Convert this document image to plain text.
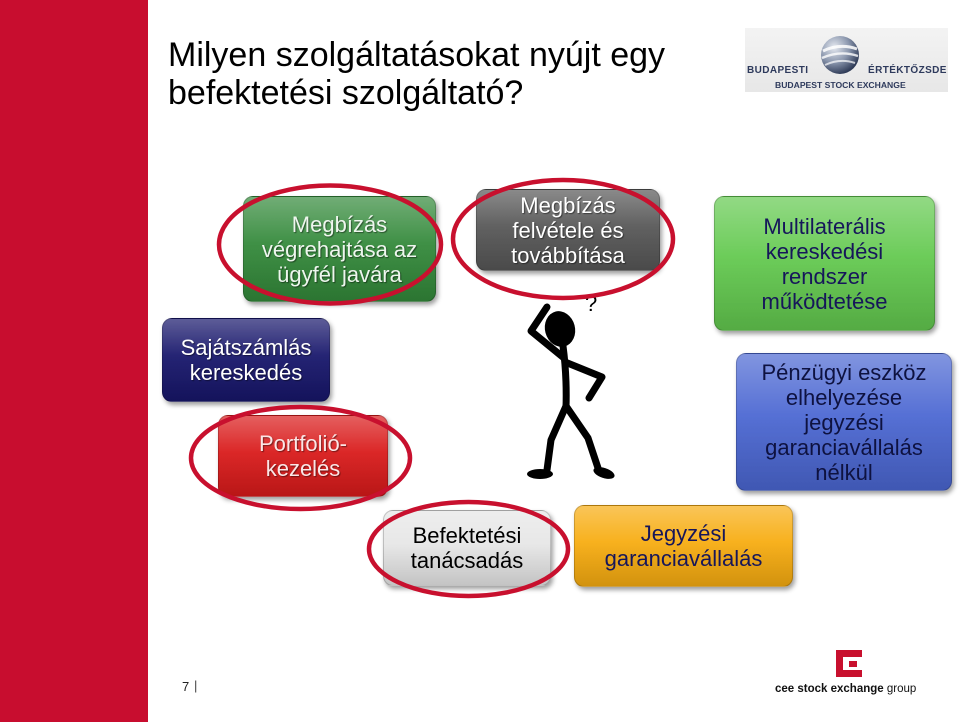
Milyen szolgáltatásokat nyújt egy
befektetési szolgáltató?
BUDAPESTI	ÉRTÉKTŐZSDE
BUDAPEST STOCK EXCHANGE
Megbízás
végrehajtása az
ügyfél javára
Megbízás
felvétele és
továbbítása
Multilaterális
kereskedési
rendszer
működtetése
Sajátszámlás
kereskedés
Portfolió-
kezelés
Pénzügyi eszköz
elhelyezése
jegyzési
garanciavállalás
nélkül
Befektetési
tanácsadás
Jegyzési
garanciavállalás
?
7 |	cee stock exchange group
